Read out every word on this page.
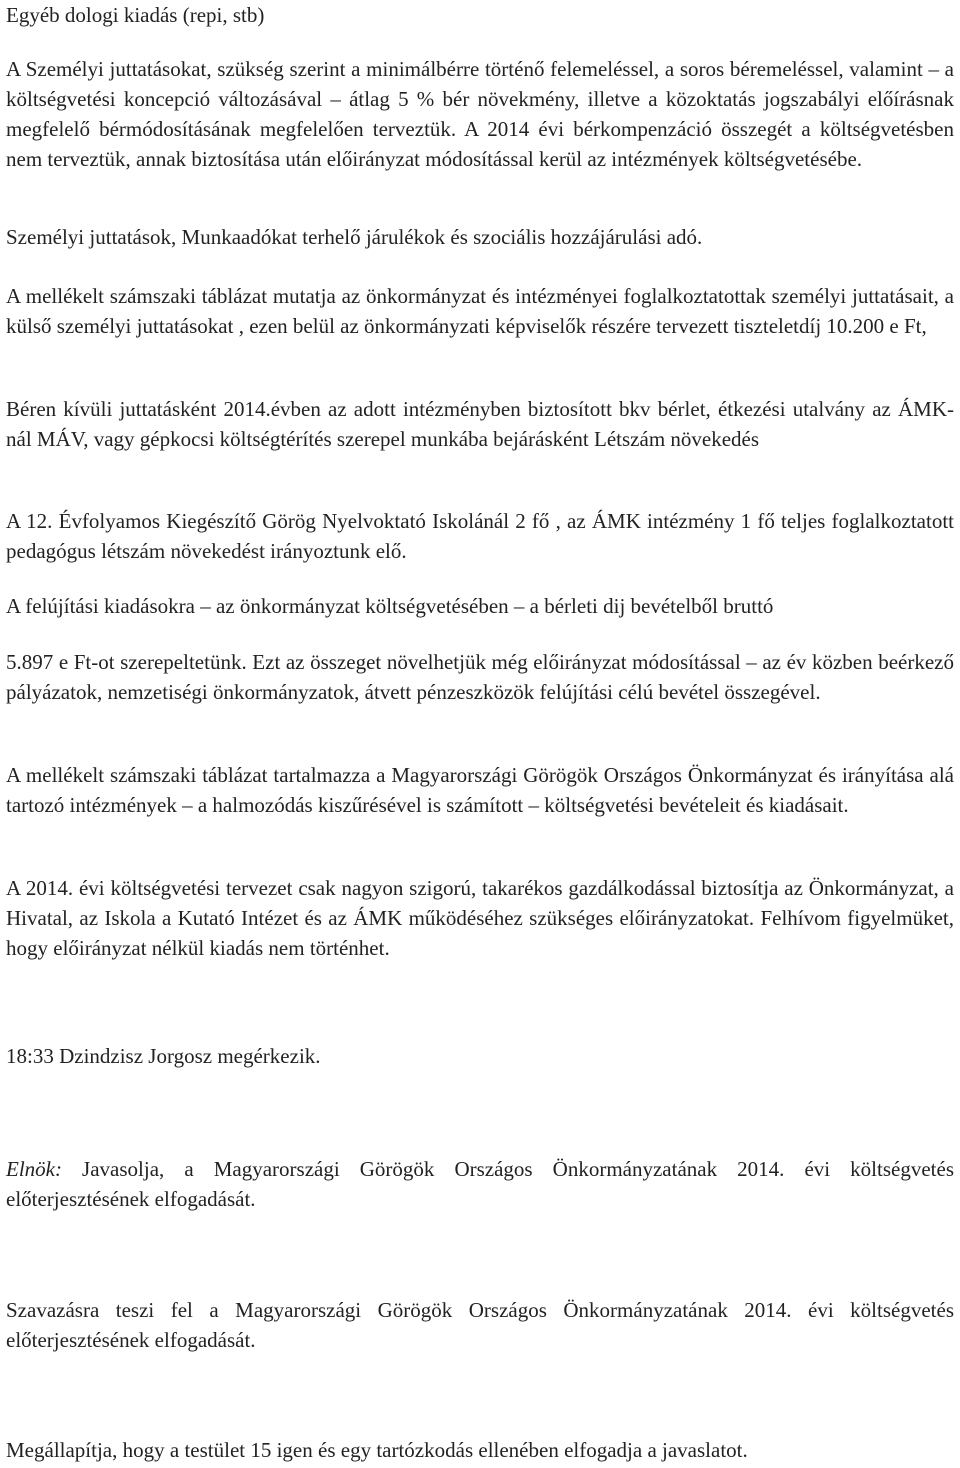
Egyéb dologi kiadás (repi, stb)

A Személyi juttatásokat, szükség szerint a minimálbérre történő felemeléssel, a soros béremeléssel, valamint – a költségvetési koncepció változásával – átlag 5 % bér növekmény, illetve a közoktatás jogszabályi előírásnak megfelelő bérmódosításának megfelelően terveztük. A 2014 évi bérkompenzáció összegét a költségvetésben nem terveztük, annak biztosítása után előirányzat módosítással kerül az intézmények költségvetésébe.

Személyi juttatások, Munkaadókat terhelő járulékok és szociális hozzájárulási adó.

A mellékelt számszaki táblázat mutatja az önkormányzat és intézményei foglalkoztatottak személyi juttatásait, a külső személyi juttatásokat , ezen belül az önkormányzati képviselők részére tervezett tiszteletdíj 10.200 e Ft,

Béren kívüli juttatásként 2014.évben az adott intézményben biztosított bkv bérlet, étkezési utalvány az ÁMK-nál MÁV, vagy gépkocsi költségtérítés szerepel munkába bejárásként Létszám növekedés

A 12. Évfolyamos Kiegészítő Görög Nyelvoktató Iskolánál 2 fő , az ÁMK intézmény 1 fő teljes foglalkoztatott pedagógus létszám növekedést irányoztunk elő.

A felújítási kiadásokra – az önkormányzat költségvetésében – a bérleti dij bevételből bruttó

5.897 e Ft-ot szerepeltetünk. Ezt az összeget növelhetjük még előirányzat módosítással – az év közben beérkező pályázatok, nemzetiségi önkormányzatok, átvett pénzeszközök felújítási célú bevétel összegével.

A mellékelt számszaki táblázat tartalmazza a Magyarországi Görögök Országos Önkormányzat és irányítása alá tartozó intézmények – a halmozódás kiszűrésével is számított – költségvetési bevételeit és kiadásait.

A 2014. évi költségvetési tervezet csak nagyon szigorú, takarékos gazdálkodással biztosítja az Önkormányzat, a Hivatal, az Iskola a Kutató Intézet és az ÁMK működéséhez szükséges előirányzatokat. Felhívom figyelmüket, hogy előirányzat nélkül kiadás nem történhet.

18:33 Dzindzisz Jorgosz megérkezik.

Elnök: Javasolja, a Magyarországi Görögök Országos Önkormányzatának 2014. évi költségvetés előterjesztésének elfogadását.

Szavazásra teszi fel a Magyarországi Görögök Országos Önkormányzatának 2014. évi költségvetés előterjesztésének elfogadását.

Megállapítja, hogy a testület 15 igen és egy tartózkodás ellenében elfogadja a javaslatot.
